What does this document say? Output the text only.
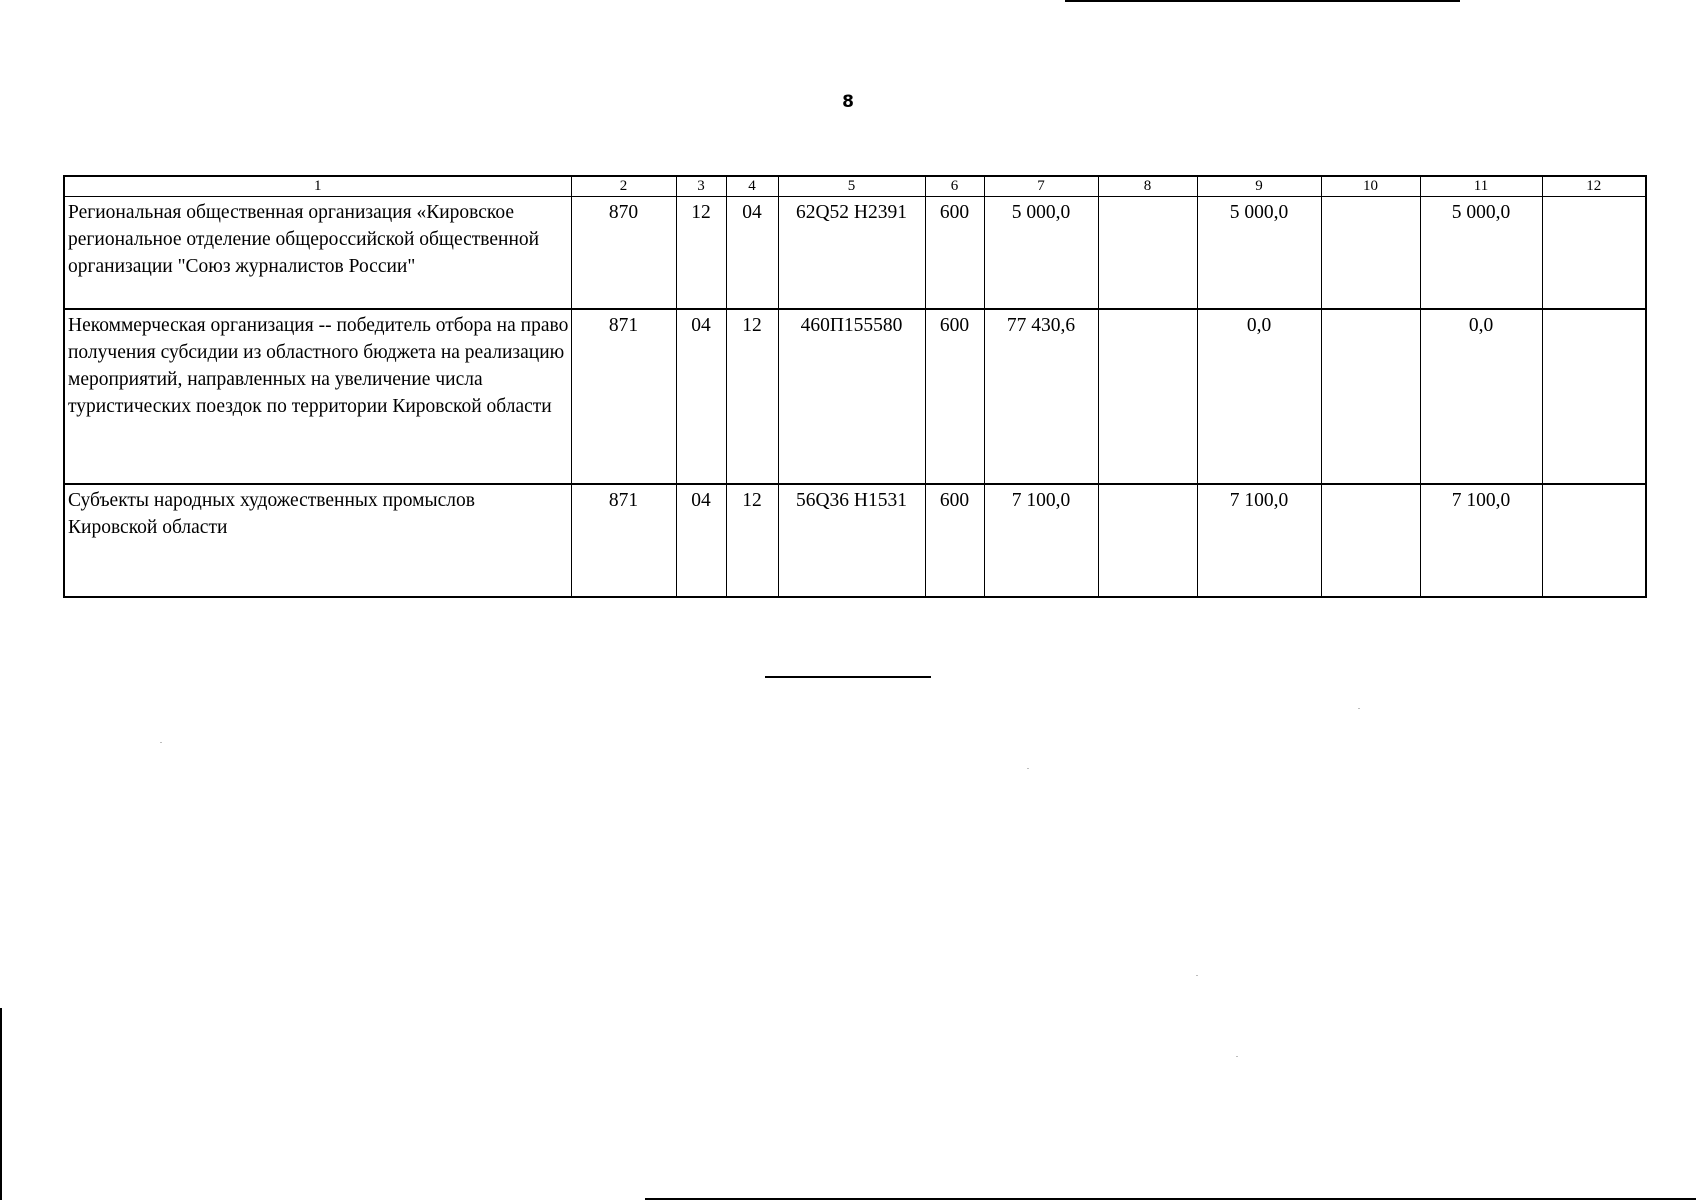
8
1	2	3	4	5	6	7	8	9	10	11	12
Региональная общественная организация «Кировское региональное отделение общероссийской общественной организации "Союз журналистов России"	870	12	04	62Q52 H2391	600	5 000,0		5 000,0		5 000,0	
Некоммерческая организация -- победитель отбора на право получения субсидии из областного бюджета на реализацию мероприятий, направленных на увеличение числа туристических поездок по территории Кировской области	871	04	12	460П155580	600	77 430,6		0,0		0,0	
Субъекты народных художественных промыслов Кировской области	871	04	12	56Q36 H1531	600	7 100,0		7 100,0		7 100,0	
